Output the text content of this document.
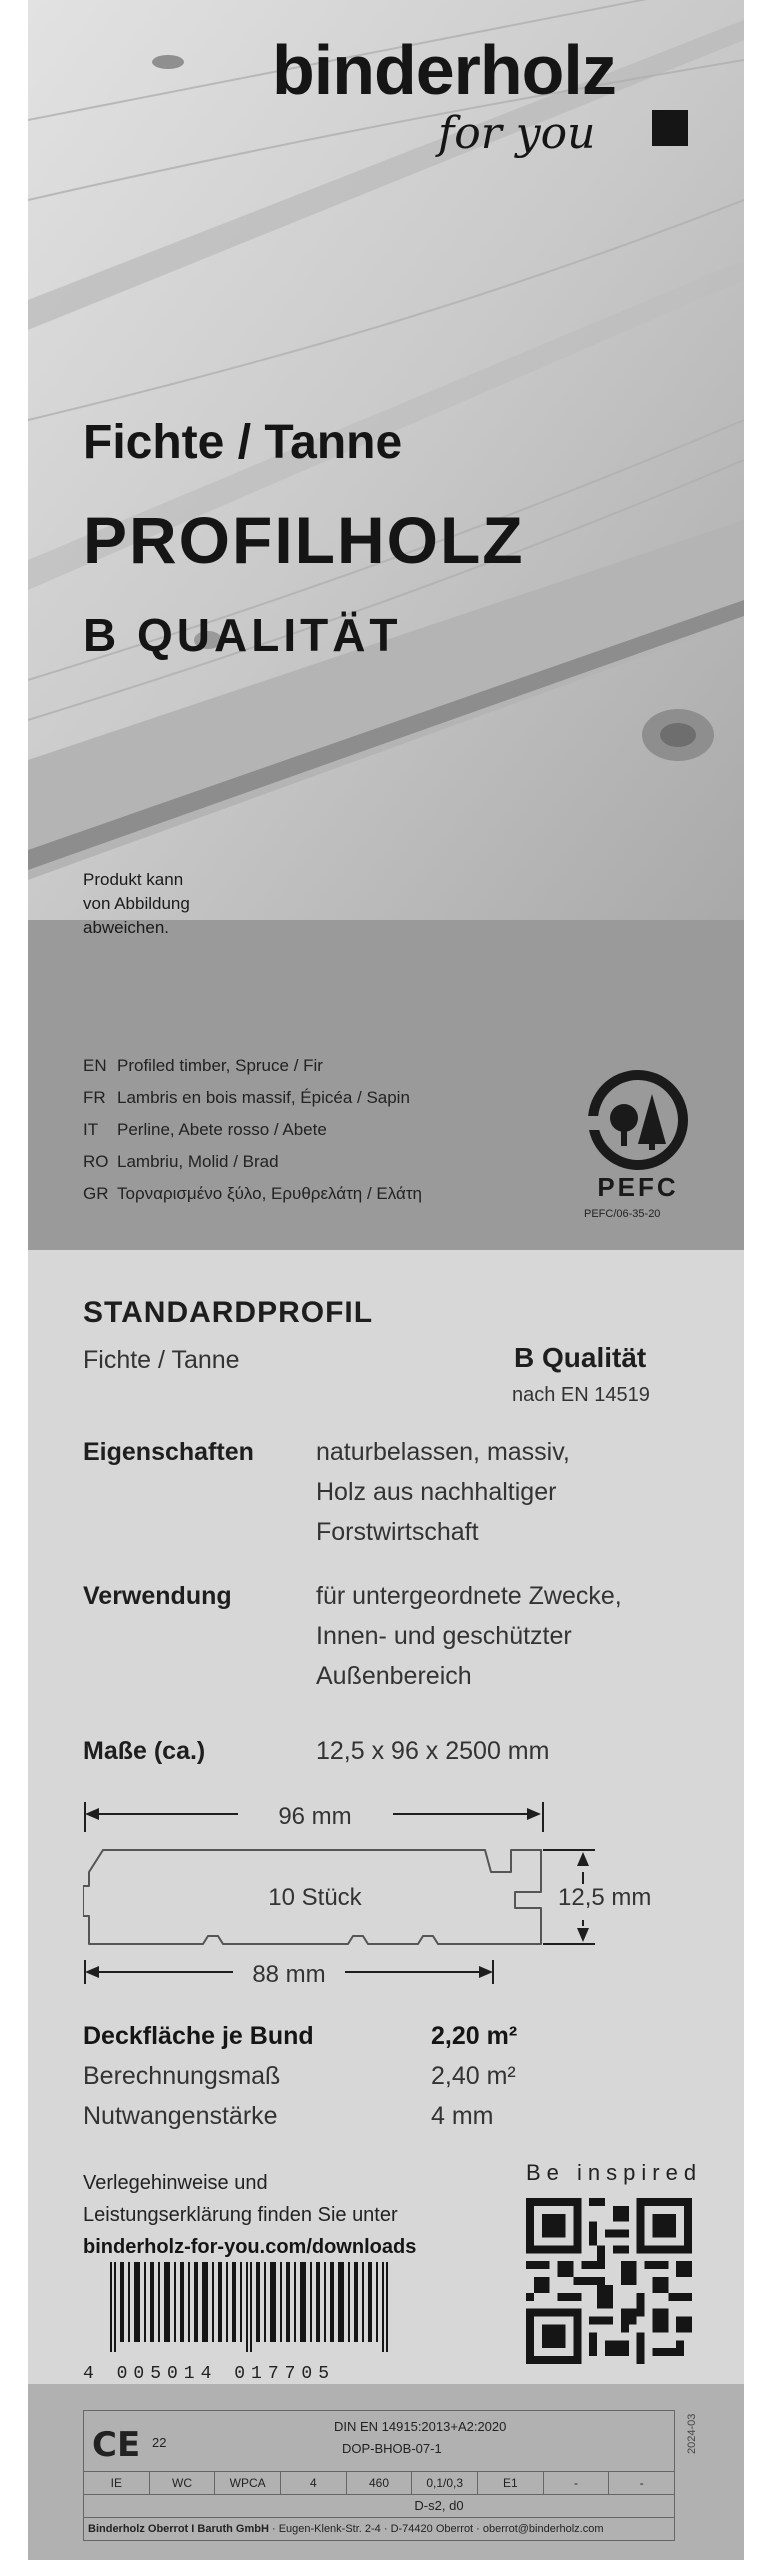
binderholz
for you
Fichte / Tanne
PROFILHOLZ
B QUALITÄT
Produkt kann
von Abbildung
abweichen.
EN Profiled timber, Spruce / Fir
FR Lambris en bois massif, Épicéa / Sapin
IT Perline, Abete rosso / Abete
RO Lambriu, Molid / Brad
GR Τορναρισμένο ξύλο, Ερυθρελάτη / Ελάτη	PEFC
PEFC/06-35-20
STANDARDPROFIL
Fichte / Tanne	B Qualität
nach EN 14519
Eigenschaften naturbelassen, massiv,
Holz aus nachhaltiger
Forstwirtschaft
Verwendung	für untergeordnete Zwecke,
Innen- und geschützter
Außenbereich
Maße (ca.)	12,5 x 96 x 2500 mm
96 mm
10 Stück	12,5 mm
88 mm
Deckfläche je Bund	2,20 m²
Berechnungsmaß	2,40 m²
Nutwangenstärke	4 mm
Verlegehinweise und
Leistungserklärung finden Sie unter
binderholz-for-you.com/downloads
Be inspired
4 005014 017705
CE 22
DIN EN 14915:2013+A2:2020
DOP-BHOB-07-1
IE	WC	WPCA	4	460	0,1/0,3	E1	-	-
D-s2, d0
Binderholz Oberrot I Baruth GmbH · Eugen-Klenk-Str. 2-4 · D-74420 Oberrot · oberrot@binderholz.com
2024-03
